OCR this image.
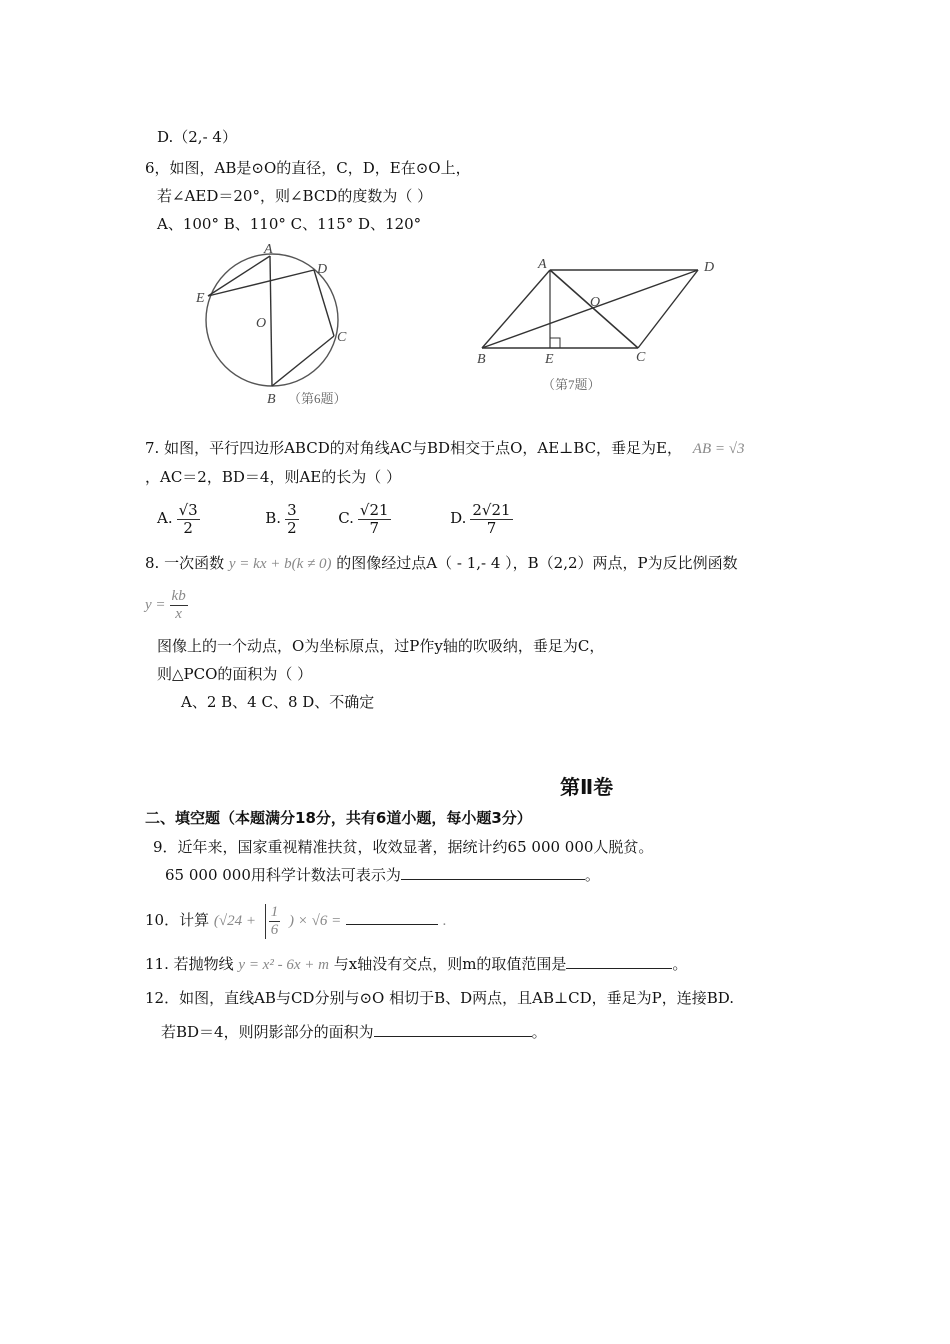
D.（2,- 4）
6，如图，AB是⊙O的直径，C，D，E在⊙O上，
若∠AED＝20°，则∠BCD的度数为（ ）
A、100° B、110° C、115° D、120°
A
D
E
O
C
B （第6题）
A	D
O
B	E	C
（第7题）
7. 如图，平行四边形ABCD的对角线AC与BD相交于点O，AE⊥BC，垂足为E， AB = √3
，AC＝2，BD＝4，则AE的长为（ ）
A. $\frac{√3}{2}$	B. $\frac{3}{2}$	C. $\frac{√21}{7}$	D. $\frac{2√21}{7}$
8. 一次函数 y = kx + b(k ≠ 0) 的图像经过点A（ - 1,- 4 ），B（2,2）两点，P为反比例函数
$y = \frac{kb}{x}$
图像上的一个动点，O为坐标原点，过P作y轴的吹吸纳，垂足为C，
则△PCO的面积为（ ）
A、2 B、4 C、8 D、不确定
第Ⅱ卷
二、填空题（本题满分18分，共有6道小题，每小题3分）
9．近年来，国家重视精准扶贫，收效显著，据统计约65 000 000人脱贫。
65 000 000用科学计数法可表示为	。
10．计算 ($√24 + \frac{1}{6}$ ) × √6 =	.
11. 若抛物线 y = x² - 6x + m 与x轴没有交点，则m的取值范围是	。
12．如图，直线AB与CD分别与⊙O 相切于B、D两点，且AB⊥CD，垂足为P，连接BD.
若BD＝4，则阴影部分的面积为	。
